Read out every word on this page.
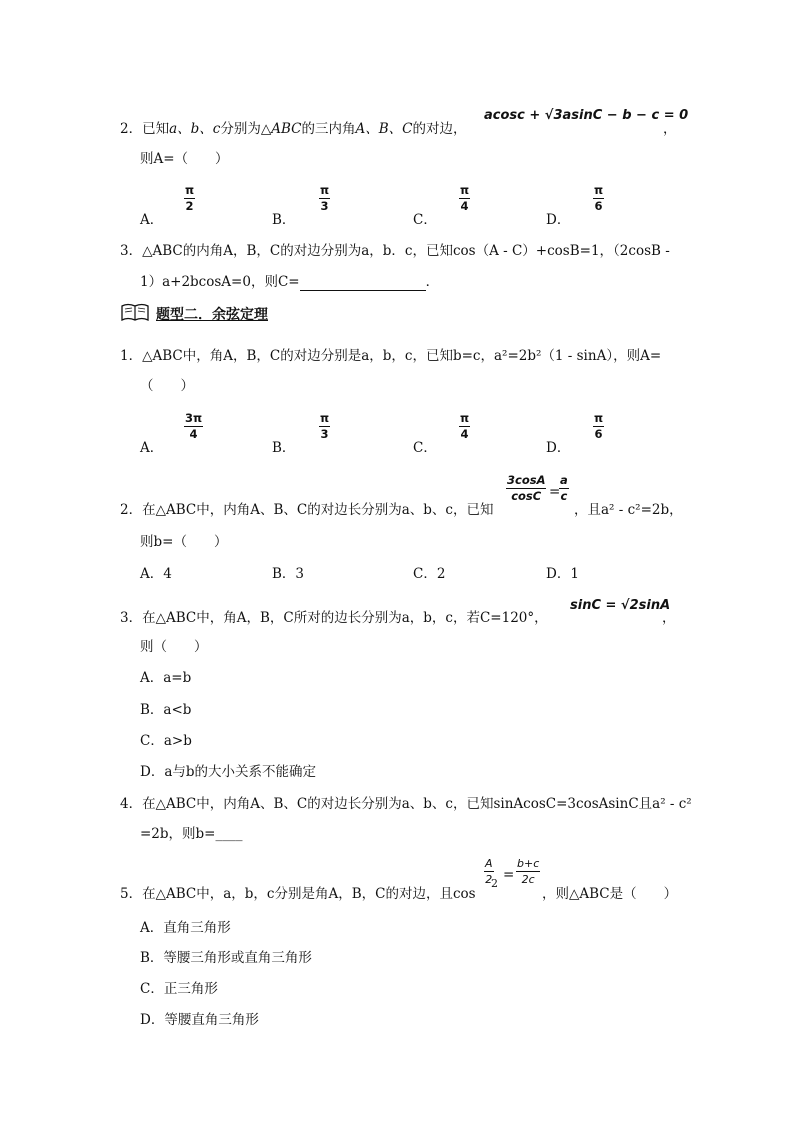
2．已知a、b、c分别为△ABC的三内角A、B、C的对边，
acosc + √3asinC − b − c = 0
，
则A=（　　）
A．
π
2
B．
π
3
C．
π
4
D．
π
6
3．△ABC的内角A，B，C的对边分别为a，b．c，已知cos（A - C）+cosB=1，（2cosB -
1）a+2bcosA=0，则C=	．
题型二．余弦定理
1．△ABC中，角A，B，C的对边分别是a，b，c，已知b=c，a²=2b²（1 - sinA），则A=
（　　）
A．
3π
4
B．
π
3
C．
π
4
D．
π
6
2．在△ABC中，内角A、B、C的对边长分别为a、b、c，已知
3cosA
cosC =
a
c
，且a² - c²=2b，
则b=（　　）
A．4	B．3	C．2	D．1
3．在△ABC中，角A，B，C所对的边长分别为a，b，c，若C=120°，
sinC = √2sinA
，
则（　　）
A．a=b
B．a<b
C．a>b
D．a与b的大小关系不能确定
4．在△ABC中，内角A、B、C的对边长分别为a、b、c，已知sinAcosC=3cosAsinC且a² - c²
=2b，则b=____
5．在△ABC中，a，b，c分别是角A，B，C的对边，且cos
A
2
2
=
b+c
2c
，则△ABC是（　　）
A．直角三角形
B．等腰三角形或直角三角形
C．正三角形
D．等腰直角三角形
